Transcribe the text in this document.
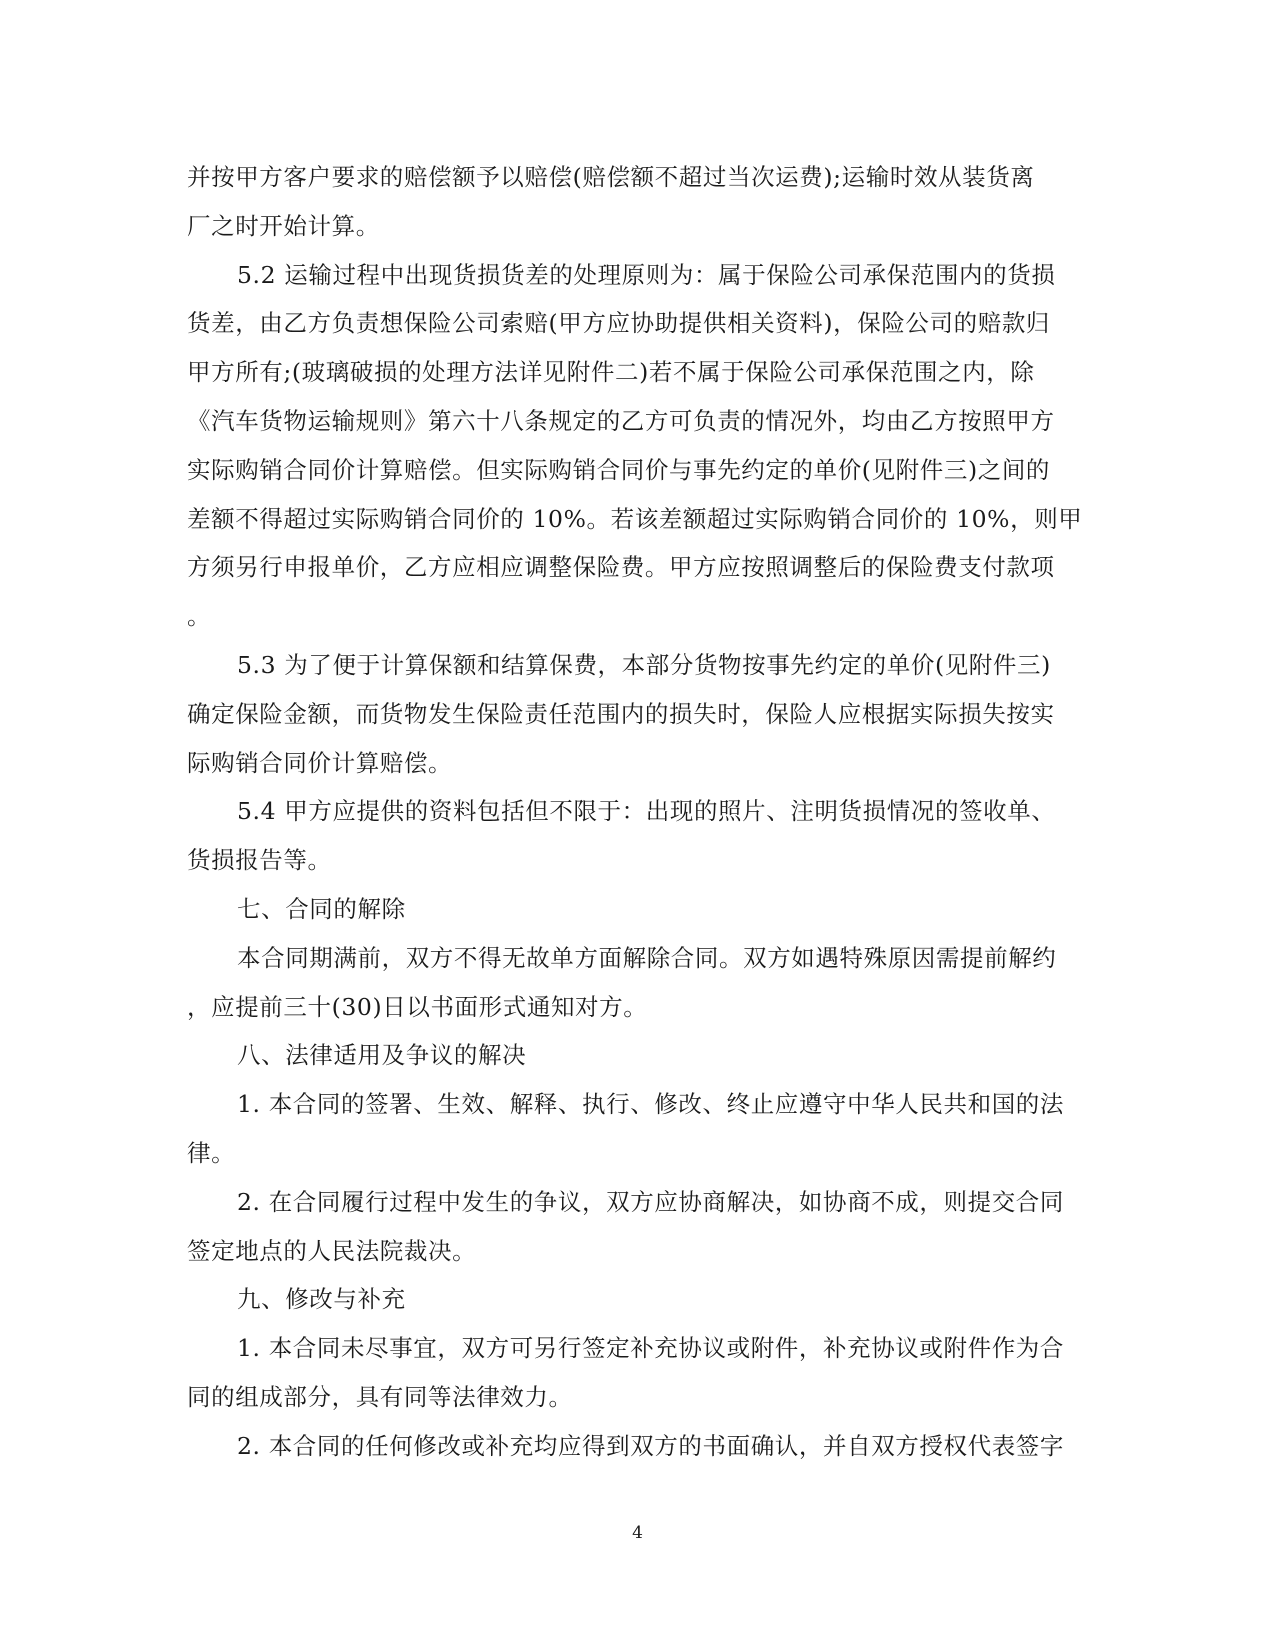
并按甲方客户要求的赔偿额予以赔偿(赔偿额不超过当次运费);运输时效从装货离
厂之时开始计算。
5.2 运输过程中出现货损货差的处理原则为：属于保险公司承保范围内的货损
货差，由乙方负责想保险公司索赔(甲方应协助提供相关资料)，保险公司的赔款归
甲方所有;(玻璃破损的处理方法详见附件二)若不属于保险公司承保范围之内，除
《汽车货物运输规则》第六十八条规定的乙方可负责的情况外，均由乙方按照甲方
实际购销合同价计算赔偿。但实际购销合同价与事先约定的单价(见附件三)之间的
差额不得超过实际购销合同价的 10%。若该差额超过实际购销合同价的 10%，则甲
方须另行申报单价，乙方应相应调整保险费。甲方应按照调整后的保险费支付款项
。
5.3 为了便于计算保额和结算保费，本部分货物按事先约定的单价(见附件三)
确定保险金额，而货物发生保险责任范围内的损失时，保险人应根据实际损失按实
际购销合同价计算赔偿。
5.4 甲方应提供的资料包括但不限于：出现的照片、注明货损情况的签收单、
货损报告等。
七、合同的解除
本合同期满前，双方不得无故单方面解除合同。双方如遇特殊原因需提前解约
，应提前三十(30)日以书面形式通知对方。
八、法律适用及争议的解决
1. 本合同的签署、生效、解释、执行、修改、终止应遵守中华人民共和国的法
律。
2. 在合同履行过程中发生的争议，双方应协商解决，如协商不成，则提交合同
签定地点的人民法院裁决。
九、修改与补充
1. 本合同未尽事宜，双方可另行签定补充协议或附件，补充协议或附件作为合
同的组成部分，具有同等法律效力。
2. 本合同的任何修改或补充均应得到双方的书面确认，并自双方授权代表签字
4
